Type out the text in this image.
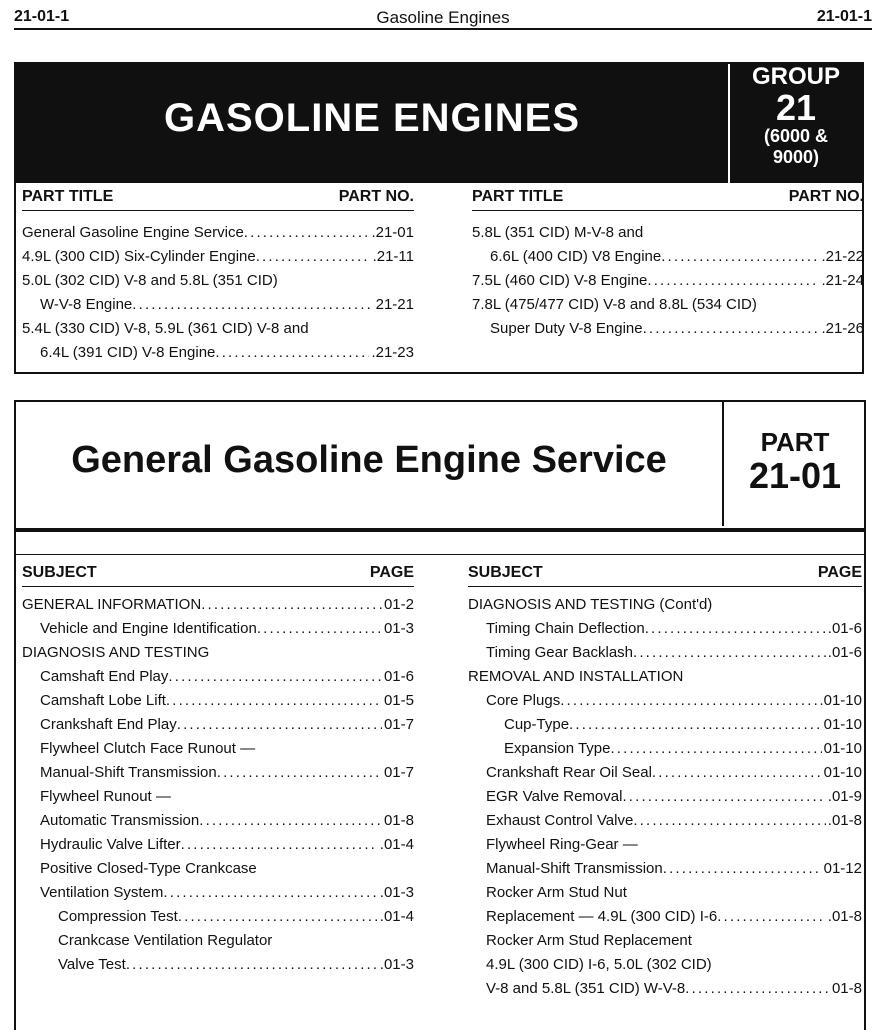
21-01-1	Gasoline Engines	21-01-1
GASOLINE ENGINES
GROUP
21
(6000 &
9000)
PART TITLE	PART NO.
General Gasoline Engine Service . . .	.21-01
4.9L (300 CID) Six-Cylinder Engine . . .	.21-11
5.0L (302 CID) V-8 and 5.8L (351 CID)
W-V-8 Engine . . .	21-21
5.4L (330 CID) V-8, 5.9L (361 CID) V-8 and
6.4L (391 CID) V-8 Engine . . .	.21-23
PART TITLE	PART NO.
5.8L (351 CID) M-V-8 and
6.6L (400 CID) V8 Engine . . .	.21-22
7.5L (460 CID) V-8 Engine . . .	.21-24
7.8L (475/477 CID) V-8 and 8.8L (534 CID)
Super Duty V-8 Engine . . .	.21-26
General Gasoline Engine Service	PART
21-01
SUBJECT	PAGE
GENERAL INFORMATION . . .	01-2
Vehicle and Engine Identification . . .	01-3
DIAGNOSIS AND TESTING
Camshaft End Play . . .	01-6
Camshaft Lobe Lift . . .	01-5
Crankshaft End Play . . .	01-7
Flywheel Clutch Face Runout —
Manual-Shift Transmission . . .	01-7
Flywheel Runout —
Automatic Transmission . . .	01-8
Hydraulic Valve Lifter . . .	.01-4
Positive Closed-Type Crankcase
Ventilation System . . .	.01-3
Compression Test . . .	.01-4
Crankcase Ventilation Regulator
Valve Test . . .	.01-3
SUBJECT	PAGE
DIAGNOSIS AND TESTING (Cont'd)
Timing Chain Deflection . . .	.01-6
Timing Gear Backlash . . .	.01-6
REMOVAL AND INSTALLATION
Core Plugs . . .	.01-10
Cup-Type . . .	01-10
Expansion Type . . .	01-10
Crankshaft Rear Oil Seal . . .	01-10
EGR Valve Removal . . .	.01-9
Exhaust Control Valve . . .	.01-8
Flywheel Ring-Gear —
Manual-Shift Transmission . . .	01-12
Rocker Arm Stud Nut
Replacement — 4.9L (300 CID) I-6 . . .	.01-8
Rocker Arm Stud Replacement
4.9L (300 CID) I-6, 5.0L (302 CID)
V-8 and 5.8L (351 CID) W-V-8 . . .	01-8
